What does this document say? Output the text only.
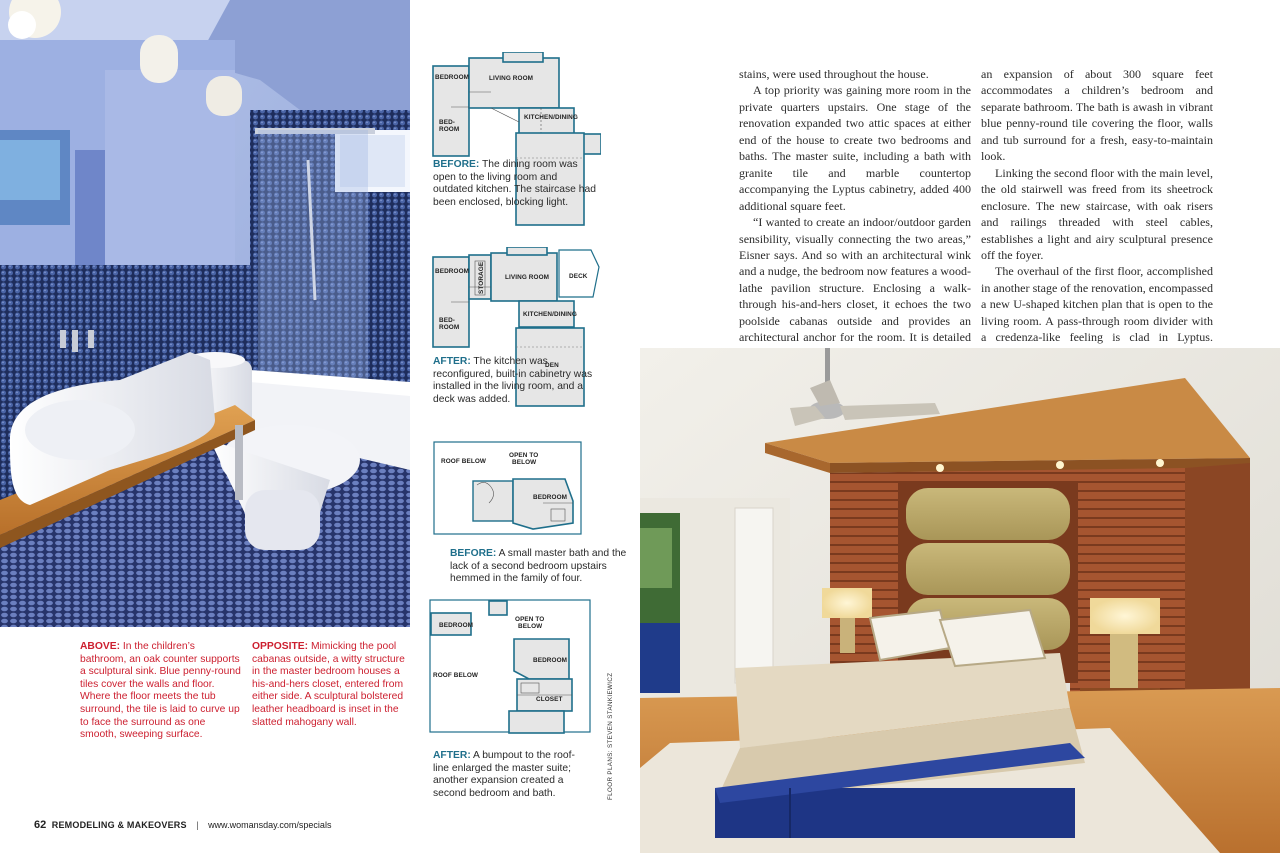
ABOVE: In the children’s bathroom, an oak counter supports a sculptural sink. Blue penny-round tiles cover the walls and floor. Where the floor meets the tub surround, the tile is laid to curve up to face the surround as one smooth, sweeping surface.
OPPOSITE: Mimicking the pool cabanas outside, a witty structure in the master bedroom houses a his-and-hers closet, entered from either side. A sculptural bolstered leather headboard is inset in the slatted mahogany wall.
BEDROOM	LIVING ROOM
BED-
ROOM
KITCHEN/DINING
BEFORE: The dining room was open to the living room and outdated kitchen. The staircase had been enclosed, blocking light.
BEDROOM STORAGE	LIVING ROOM	DECK
BED-
ROOM
KITCHEN/DINING
DEN
AFTER: The kitchen was reconfigured, built-in cabinetry was installed in the living room, and a deck was added.
ROOF BELOW
OPEN TO
BELOW
BEDROOM
BEFORE: A small master bath and the lack of a second bedroom upstairs hemmed in the family of four.
BEDROOM
OPEN TO
BELOW
ROOF BELOW
BEDROOM
CLOSET
AFTER: A bumpout to the roof-line enlarged the master suite; another expansion created a second bedroom and bath.	FLOOR PLANS: STEVEN STANKIEWICZ
62 REMODELING & MAKEOVERS | www.womansday.com/specials

stains, were used throughout the house.

A top priority was gaining more room in the private quarters upstairs. One stage of the renovation expanded two attic spaces at either end of the house to create two bedrooms and baths. The master suite, including a bath with granite tile and marble countertop accompanying the Lyptus cabinetry, added 400 additional square feet.

“I wanted to create an indoor/outdoor garden sensibility, visually connecting the two areas,” Eisner says. And so with an architectural wink and a nudge, the bedroom now features a wood-lathe pavilion structure. Enclosing a walk-through his-and-hers closet, it echoes the two poolside cabanas outside and provides an architectural anchor for the room. It is detailed

an expansion of about 300 square feet accommodates a children’s bedroom and separate bathroom. The bath is awash in vibrant blue penny-round tile covering the floor, walls and tub surround for a fresh, easy-to-maintain look.

Linking the second floor with the main level, the old stairwell was freed from its sheetrock enclosure. The new staircase, with oak risers and railings threaded with steel cables, establishes a light and airy sculptural presence off the foyer.

The overhaul of the first floor, accomplished in another stage of the renovation, encompassed a new U-shaped kitchen plan that is open to the living room. A pass-through room divider with a credenza-like feeling is clad in Lyptus.
